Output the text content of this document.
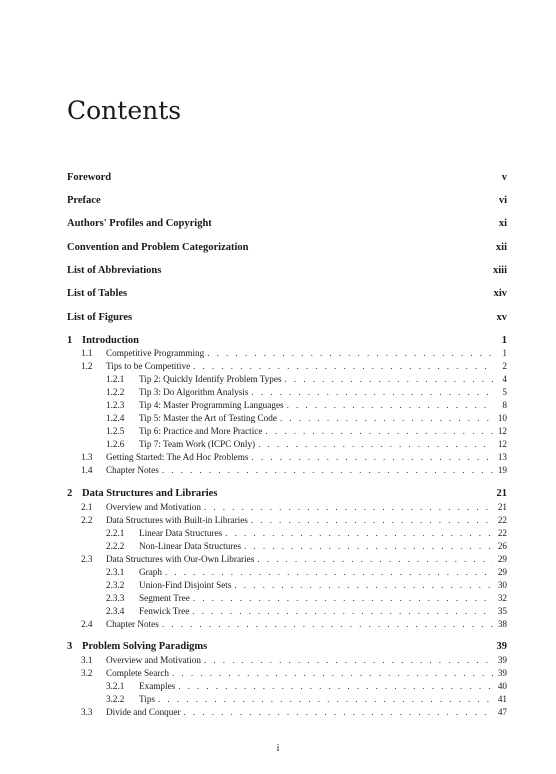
Contents
Foreword	v
Preface	vi
Authors' Profiles and Copyright	xi
Convention and Problem Categorization	xii
List of Abbreviations	xiii
List of Tables	xiv
List of Figures	xv
1 Introduction	1
1.1	Competitive Programming . . .	1
1.2	Tips to be Competitive . . .	2
1.2.1	Tip 2: Quickly Identify Problem Types . . .	4
1.2.2	Tip 3: Do Algorithm Analysis . . .	5
1.2.3	Tip 4: Master Programming Languages . . .	8
1.2.4	Tip 5: Master the Art of Testing Code . . .	10
1.2.5	Tip 6: Practice and More Practice . . .	12
1.2.6	Tip 7: Team Work (ICPC Only) . . .	12
1.3	Getting Started: The Ad Hoc Problems . . .	13
1.4	Chapter Notes . . .	19
2 Data Structures and Libraries	21
2.1	Overview and Motivation . . .	21
2.2	Data Structures with Built-in Libraries . . .	22
2.2.1	Linear Data Structures . . .	22
2.2.2	Non-Linear Data Structures . . .	26
2.3	Data Structures with Our-Own Libraries . . .	29
2.3.1	Graph . . .	29
2.3.2	Union-Find Disjoint Sets . . .	30
2.3.3	Segment Tree . . .	32
2.3.4	Fenwick Tree . . .	35
2.4	Chapter Notes . . .	38
3 Problem Solving Paradigms	39
3.1	Overview and Motivation . . .	39
3.2	Complete Search . . .	39
3.2.1	Examples . . .	40
3.2.2	Tips . . .	41
3.3	Divide and Conquer . . .	47
i
